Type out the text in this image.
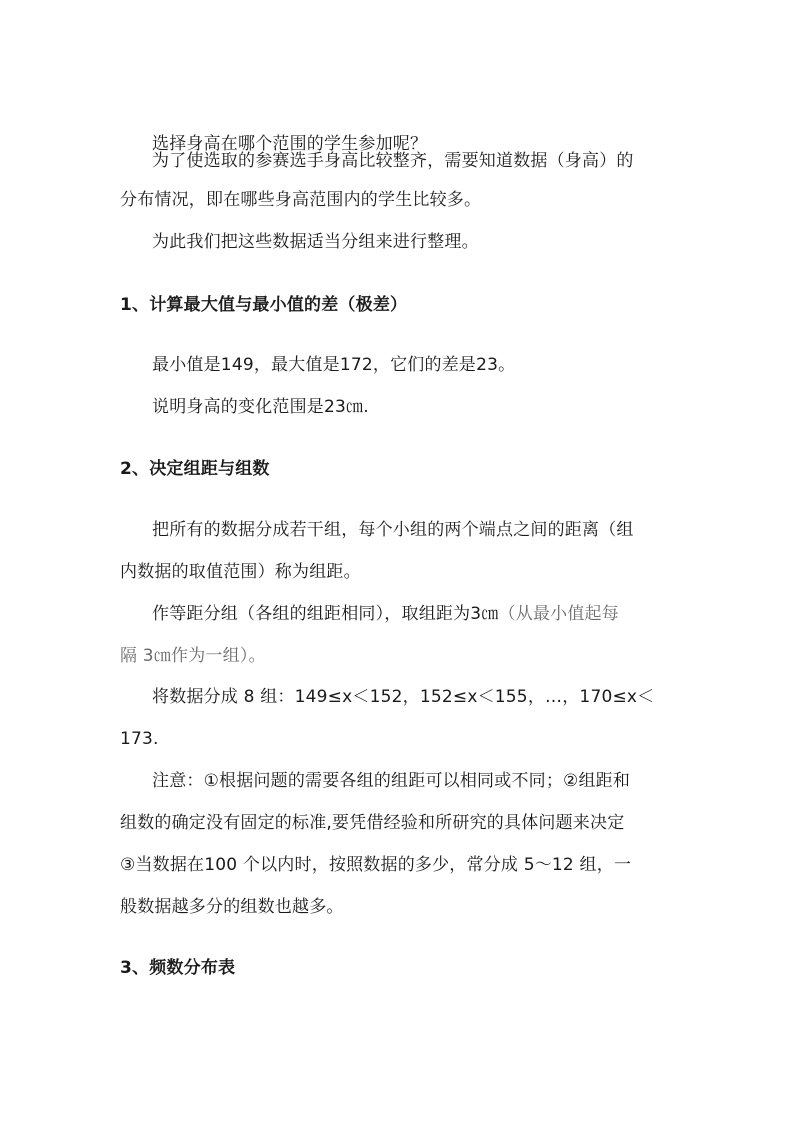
选择身高在哪个范围的学生参加呢？
为了使选取的参赛选手身高比较整齐，需要知道数据（身高）的
分布情况，即在哪些身高范围内的学生比较多。
为此我们把这些数据适当分组来进行整理。
1、计算最大值与最小值的差（极差）
最小值是149，最大值是172，它们的差是23。
说明身高的变化范围是23㎝.
2、决定组距与组数
把所有的数据分成若干组，每个小组的两个端点之间的距离（组
内数据的取值范围）称为组距。
作等距分组（各组的组距相同），取组距为3㎝（从最小值起每
隔 3㎝作为一组）。
将数据分成 8 组：149≤x＜152，152≤x＜155，…，170≤x＜
173.
注意：①根据问题的需要各组的组距可以相同或不同；②组距和
组数的确定没有固定的标准,要凭借经验和所研究的具体问题来决定
③当数据在100 个以内时，按照数据的多少，常分成 5～12 组，一
般数据越多分的组数也越多。
3、频数分布表
